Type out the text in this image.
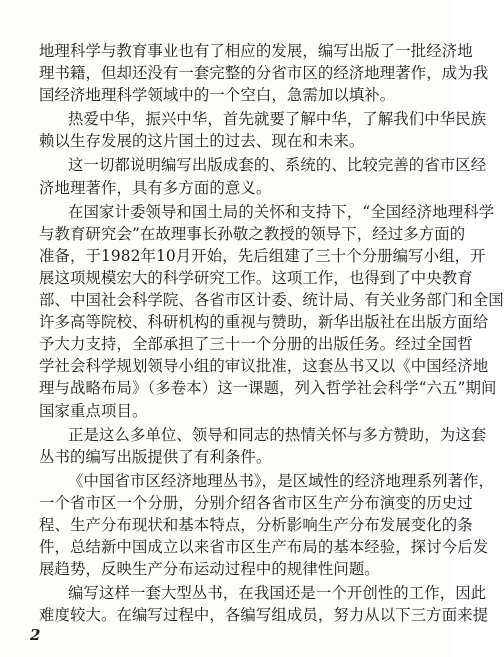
地理科学与教育事业也有了相应的发展，编写出版了一批经济地
理书籍，但却还没有一套完整的分省市区的经济地理著作，成为我
国经济地理科学领域中的一个空白，急需加以填补。
热爱中华，振兴中华，首先就要了解中华，了解我们中华民族
赖以生存发展的这片国土的过去、现在和未来。
这一切都说明编写出版成套的、系统的、比较完善的省市区经
济地理著作，具有多方面的意义。
在国家计委领导和国土局的关怀和支持下，“全国经济地理科学
与教育研究会”在故理事长孙敬之教授的领导下，经过多方面的
准备，于1982年10月开始，先后组建了三十个分册编写小组，开
展这项规模宏大的科学研究工作。这项工作，也得到了中央教育
部、中国社会科学院、各省市区计委、统计局、有关业务部门和全国
许多高等院校、科研机构的重视与赞助，新华出版社在出版方面给
予大力支持，全部承担了三十一个分册的出版任务。经过全国哲
学社会科学规划领导小组的审议批准，这套丛书又以《中国经济地
理与战略布局》（多卷本）这一课题，列入哲学社会科学“六五”期间
国家重点项目。
正是这么多单位、领导和同志的热情关怀与多方赞助，为这套
丛书的编写出版提供了有利条件。
《中国省市区经济地理丛书》，是区域性的经济地理系列著作，
一个省市区一个分册，分别介绍各省市区生产分布演变的历史过
程、生产分布现状和基本特点，分析影响生产分布发展变化的条
件，总结新中国成立以来省市区生产布局的基本经验，探讨今后发
展趋势，反映生产分布运动过程中的规律性问题。
编写这样一套大型丛书，在我国还是一个开创性的工作，因此
难度较大。在编写过程中，各编写组成员，努力从以下三方面来提
2
